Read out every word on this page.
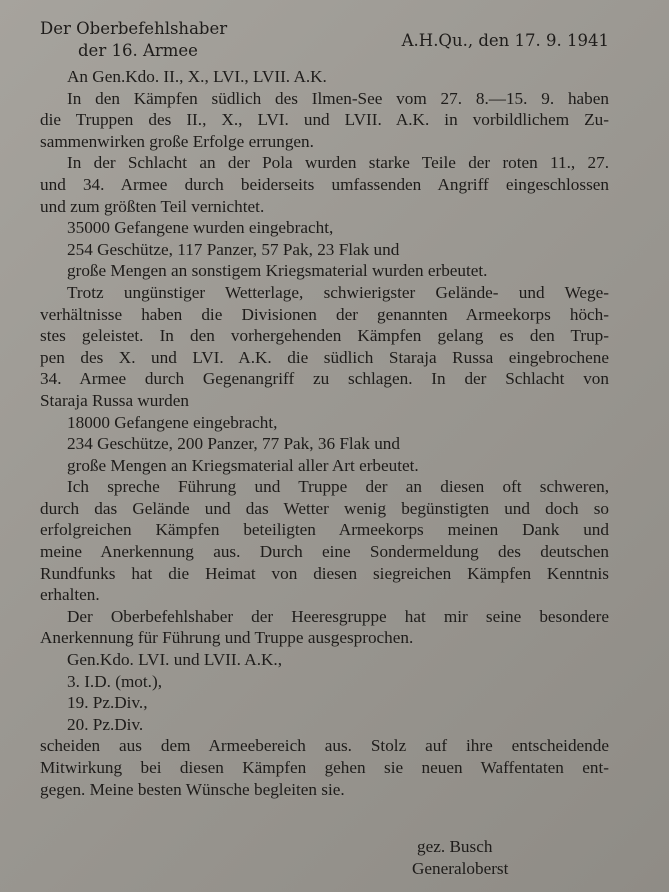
Der Oberbefehlshaber
der 16. Armee
A.H.Qu., den 17. 9. 1941
An Gen.Kdo. II., X., LVI., LVII. A.K.
In den Kämpfen südlich des Ilmen-See vom 27. 8.—15. 9. haben
die Truppen des II., X., LVI. und LVII. A.K. in vorbildlichem Zu-
sammenwirken große Erfolge errungen.
In der Schlacht an der Pola wurden starke Teile der roten 11., 27.
und 34. Armee durch beiderseits umfassenden Angriff eingeschlossen
und zum größten Teil vernichtet.
35000 Gefangene wurden eingebracht,
254 Geschütze, 117 Panzer, 57 Pak, 23 Flak und
große Mengen an sonstigem Kriegsmaterial wurden erbeutet.
Trotz ungünstiger Wetterlage, schwierigster Gelände- und Wege-
verhältnisse haben die Divisionen der genannten Armeekorps höch-
stes geleistet. In den vorhergehenden Kämpfen gelang es den Trup-
pen des X. und LVI. A.K. die südlich Staraja Russa eingebrochene
34. Armee durch Gegenangriff zu schlagen. In der Schlacht von
Staraja Russa wurden
18000 Gefangene eingebracht,
234 Geschütze, 200 Panzer, 77 Pak, 36 Flak und
große Mengen an Kriegsmaterial aller Art erbeutet.
Ich spreche Führung und Truppe der an diesen oft schweren,
durch das Gelände und das Wetter wenig begünstigten und doch so
erfolgreichen Kämpfen beteiligten Armeekorps meinen Dank und
meine Anerkennung aus. Durch eine Sondermeldung des deutschen
Rundfunks hat die Heimat von diesen siegreichen Kämpfen Kenntnis
erhalten.
Der Oberbefehlshaber der Heeresgruppe hat mir seine besondere
Anerkennung für Führung und Truppe ausgesprochen.
Gen.Kdo. LVI. und LVII. A.K.,
3. I.D. (mot.),
19. Pz.Div.,
20. Pz.Div.
scheiden aus dem Armeebereich aus. Stolz auf ihre entscheidende
Mitwirkung bei diesen Kämpfen gehen sie neuen Waffentaten ent-
gegen. Meine besten Wünsche begleiten sie.
gez. Busch
Generaloberst
